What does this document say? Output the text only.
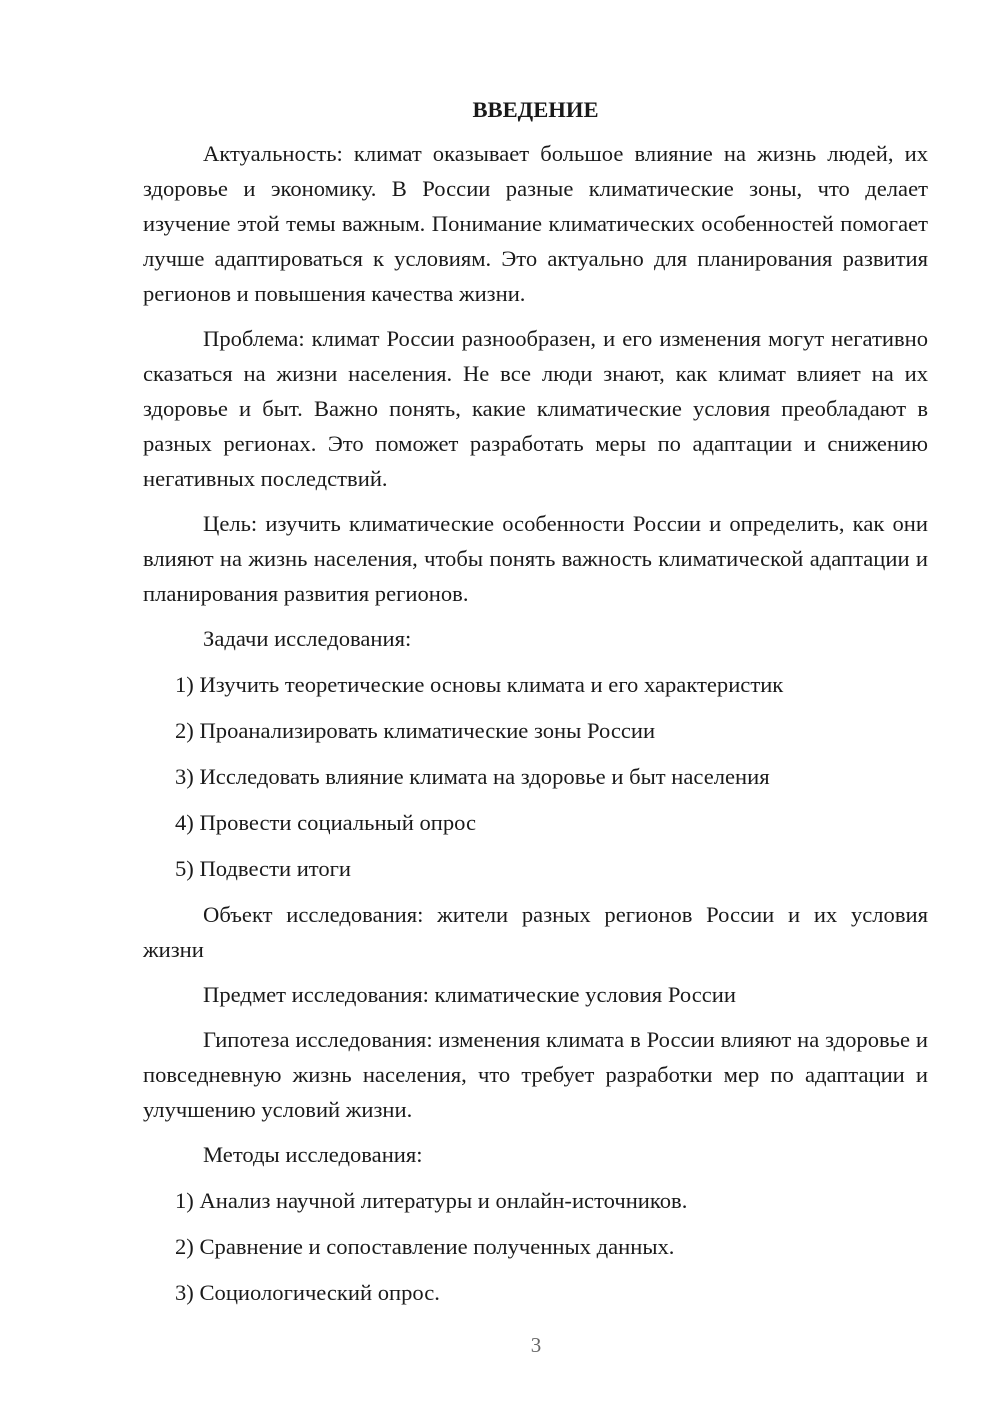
ВВЕДЕНИЕ

Актуальность: климат оказывает большое влияние на жизнь людей, их здоровье и экономику. В России разные климатические зоны, что делает изучение этой темы важным. Понимание климатических особенностей помогает лучше адаптироваться к условиям. Это актуально для планирования развития регионов и повышения качества жизни.

Проблема: климат России разнообразен, и его изменения могут негативно сказаться на жизни населения. Не все люди знают, как климат влияет на их здоровье и быт. Важно понять, какие климатические условия преобладают в разных регионах. Это поможет разработать меры по адаптации и снижению негативных последствий.

Цель: изучить климатические особенности России и определить, как они влияют на жизнь населения, чтобы понять важность климатической адаптации и планирования развития регионов.

Задачи исследования:

1) Изучить теоретические основы климата и его характеристик
2) Проанализировать климатические зоны России
3) Исследовать влияние климата на здоровье и быт населения
4) Провести социальный опрос
5) Подвести итоги

Объект исследования: жители разных регионов России и их условия жизни

Предмет исследования: климатические условия России

Гипотеза исследования: изменения климата в России влияют на здоровье и повседневную жизнь населения, что требует разработки мер по адаптации и улучшению условий жизни.

Методы исследования:

1) Анализ научной литературы и онлайн-источников.
2) Сравнение и сопоставление полученных данных.
3) Социологический опрос.
3
